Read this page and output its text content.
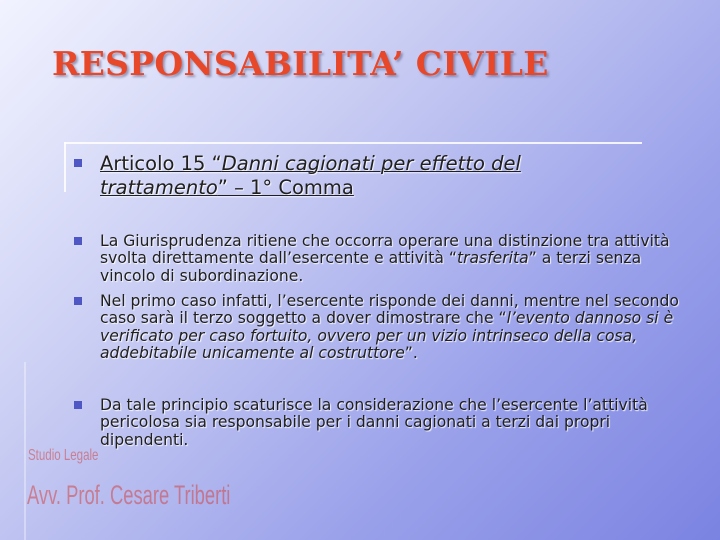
RESPONSABILITA’ CIVILE
Articolo 15 “Danni cagionati per effetto del trattamento” – 1° Comma
La Giurisprudenza ritiene che occorra operare una distinzione tra attività svolta direttamente dall’esercente e attività “trasferita” a terzi senza vincolo di subordinazione.
Nel primo caso infatti, l’esercente risponde dei danni, mentre nel secondo caso sarà il terzo soggetto a dover dimostrare che “l’evento dannoso si è verificato per caso fortuito, ovvero per un vizio intrinseco della cosa, addebitabile unicamente al costruttore”.
Da tale principio scaturisce la considerazione che l’esercente l’attività pericolosa sia responsabile per i danni cagionati a terzi dai propri dipendenti.
Studio Legale
Avv. Prof. Cesare Triberti
